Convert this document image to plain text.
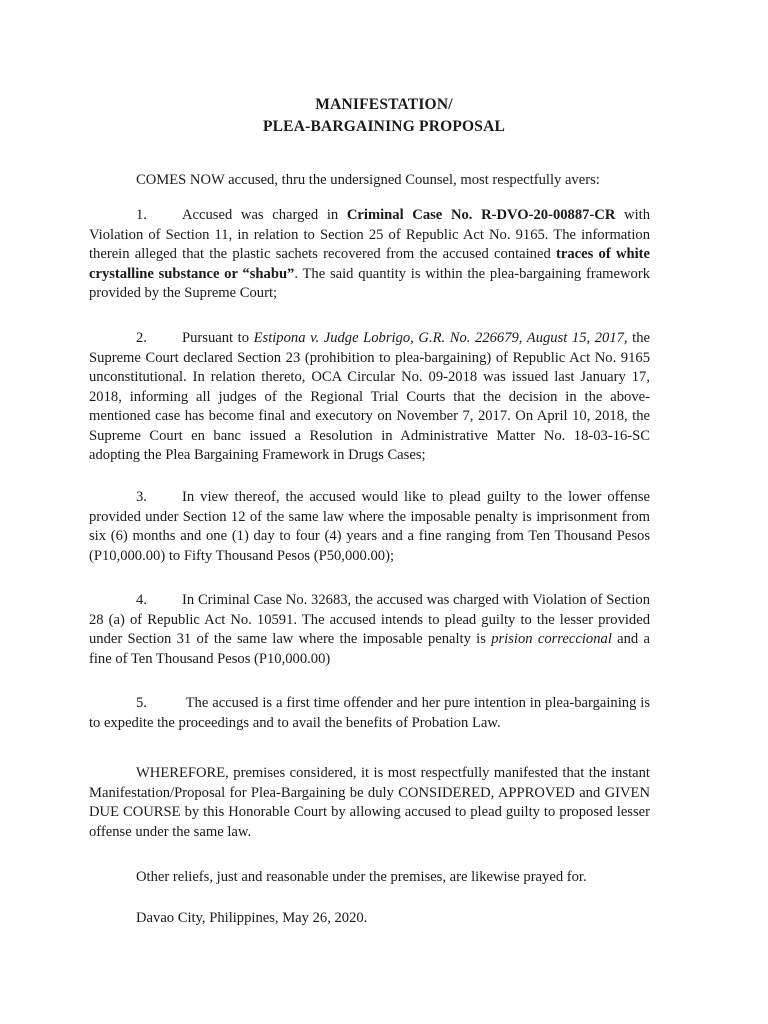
MANIFESTATION/
PLEA-BARGAINING PROPOSAL
COMES NOW accused, thru the undersigned Counsel, most respectfully avers:
1. Accused was charged in Criminal Case No. R-DVO-20-00887-CR with Violation of Section 11, in relation to Section 25 of Republic Act No. 9165. The information therein alleged that the plastic sachets recovered from the accused contained traces of white crystalline substance or “shabu”. The said quantity is within the plea-bargaining framework provided by the Supreme Court;
2. Pursuant to Estipona v. Judge Lobrigo, G.R. No. 226679, August 15, 2017, the Supreme Court declared Section 23 (prohibition to plea-bargaining) of Republic Act No. 9165 unconstitutional. In relation thereto, OCA Circular No. 09-2018 was issued last January 17, 2018, informing all judges of the Regional Trial Courts that the decision in the above-mentioned case has become final and executory on November 7, 2017. On April 10, 2018, the Supreme Court en banc issued a Resolution in Administrative Matter No. 18-03-16-SC adopting the Plea Bargaining Framework in Drugs Cases;
3. In view thereof, the accused would like to plead guilty to the lower offense provided under Section 12 of the same law where the imposable penalty is imprisonment from six (6) months and one (1) day to four (4) years and a fine ranging from Ten Thousand Pesos (P10,000.00) to Fifty Thousand Pesos (P50,000.00);
4. In Criminal Case No. 32683, the accused was charged with Violation of Section 28 (a) of Republic Act No. 10591. The accused intends to plead guilty to the lesser provided under Section 31 of the same law where the imposable penalty is prision correccional and a fine of Ten Thousand Pesos (P10,000.00)
5. The accused is a first time offender and her pure intention in plea-bargaining is to expedite the proceedings and to avail the benefits of Probation Law.
WHEREFORE, premises considered, it is most respectfully manifested that the instant Manifestation/Proposal for Plea-Bargaining be duly CONSIDERED, APPROVED and GIVEN DUE COURSE by this Honorable Court by allowing accused to plead guilty to proposed lesser offense under the same law.
Other reliefs, just and reasonable under the premises, are likewise prayed for.
Davao City, Philippines, May 26, 2020.
